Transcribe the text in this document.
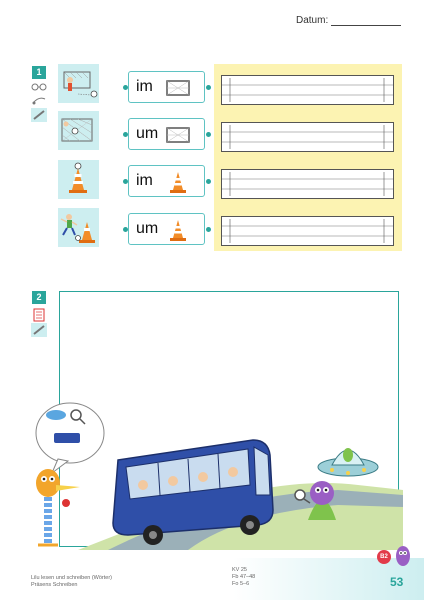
Datum:
1
im
um
im
um
2
Lilu lesen und schreiben (Wörter)
Präsens Schreiben
KV 25
Fb 47–48
Fo 5–6
B2
53
